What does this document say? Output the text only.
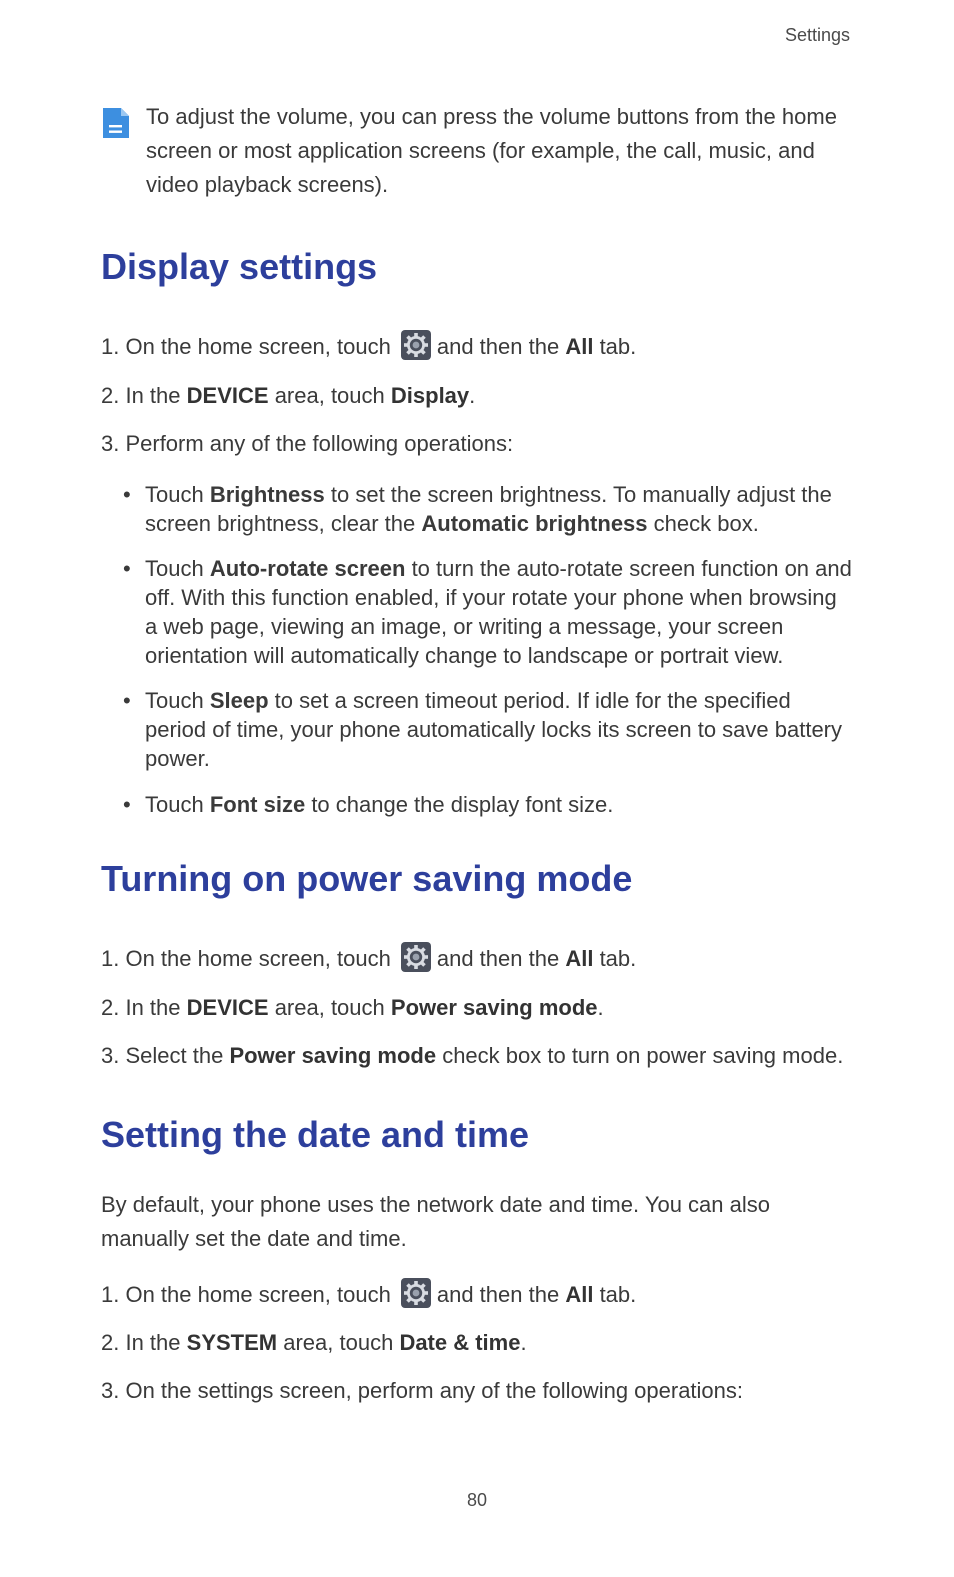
Settings
To adjust the volume, you can press the volume buttons from the home screen or most application screens (for example, the call, music, and video playback screens).
Display settings
1. On the home screen, touch and then the All tab.
2. In the DEVICE area, touch Display.
3. Perform any of the following operations:
• Touch Brightness to set the screen brightness. To manually adjust the screen brightness, clear the Automatic brightness check box.
• Touch Auto-rotate screen to turn the auto-rotate screen function on and off. With this function enabled, if your rotate your phone when browsing a web page, viewing an image, or writing a message, your screen orientation will automatically change to landscape or portrait view.
• Touch Sleep to set a screen timeout period. If idle for the specified period of time, your phone automatically locks its screen to save battery power.
• Touch Font size to change the display font size.
Turning on power saving mode
1. On the home screen, touch and then the All tab.
2. In the DEVICE area, touch Power saving mode.
3. Select the Power saving mode check box to turn on power saving mode.
Setting the date and time
By default, your phone uses the network date and time. You can also manually set the date and time.
1. On the home screen, touch and then the All tab.
2. In the SYSTEM area, touch Date & time.
3. On the settings screen, perform any of the following operations:
80
